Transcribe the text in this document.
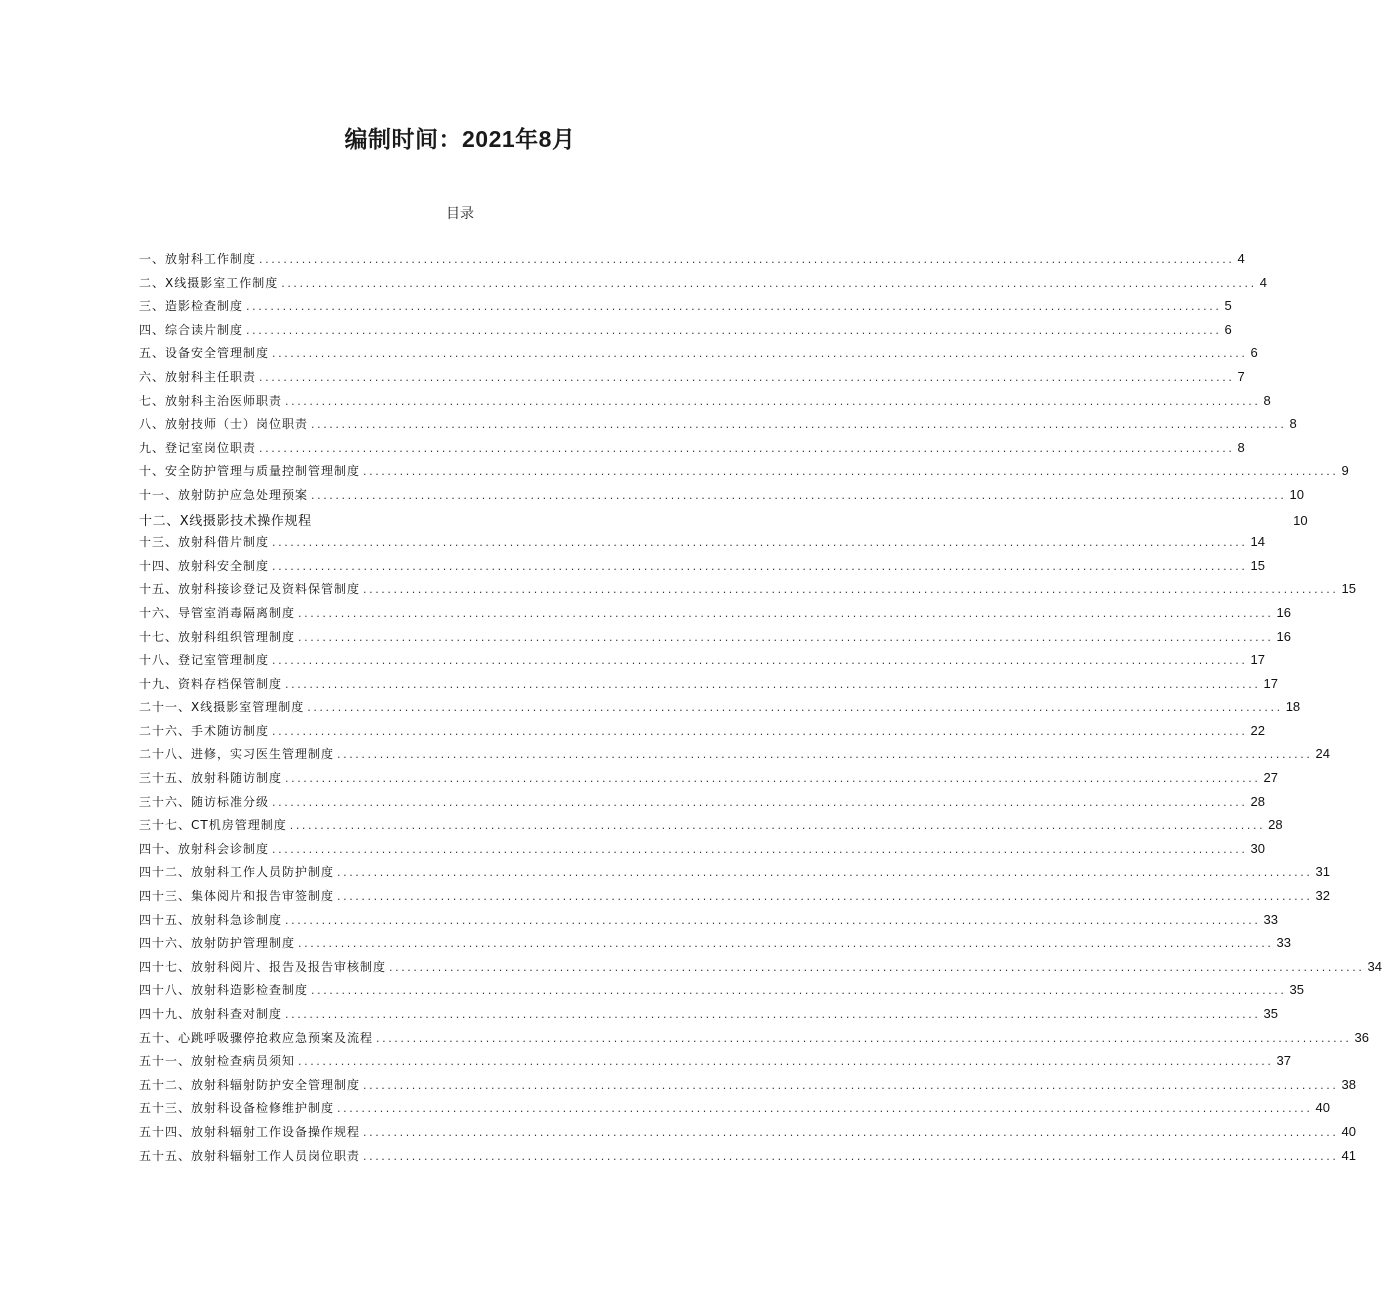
编制时间：2021年8月
目录
一、放射科工作制度 ................................................................................................................................................................ 4
二、X线摄影室工作制度 ................................................................................................................................................................ 4
三、造影检查制度 ................................................................................................................................................................ 5
四、综合读片制度 ................................................................................................................................................................ 6
五、设备安全管理制度 ................................................................................................................................................................ 6
六、放射科主任职责 ................................................................................................................................................................ 7
七、放射科主治医师职责 ................................................................................................................................................................ 8
八、放射技师（士）岗位职责 ................................................................................................................................................................ 8
九、登记室岗位职责 ................................................................................................................................................................ 8
十、安全防护管理与质量控制管理制度 ................................................................................................................................................................ 9
十一、放射防护应急处理预案 ................................................................................................................................................................ 10
十二、X线摄影技术操作规程	10
十三、放射科借片制度 ................................................................................................................................................................ 14
十四、放射科安全制度 ................................................................................................................................................................ 15
十五、放射科接诊登记及资料保管制度 ................................................................................................................................................................ 15
十六、导管室消毒隔离制度 ................................................................................................................................................................ 16
十七、放射科组织管理制度 ................................................................................................................................................................ 16
十八、登记室管理制度 ................................................................................................................................................................ 17
十九、资料存档保管制度 ................................................................................................................................................................ 17
二十一、X线摄影室管理制度 ................................................................................................................................................................ 18
二十六、手术随访制度 ................................................................................................................................................................ 22
二十八、进修，实习医生管理制度 ................................................................................................................................................................ 24
三十五、放射科随访制度 ................................................................................................................................................................ 27
三十六、随访标准分级 ................................................................................................................................................................ 28
三十七、CT机房管理制度 ................................................................................................................................................................ 28
四十、放射科会诊制度 ................................................................................................................................................................ 30
四十二、放射科工作人员防护制度 ................................................................................................................................................................ 31
四十三、集体阅片和报告审签制度 ................................................................................................................................................................ 32
四十五、放射科急诊制度 ................................................................................................................................................................ 33
四十六、放射防护管理制度 ................................................................................................................................................................ 33
四十七、放射科阅片、报告及报告审核制度 ................................................................................................................................................................ 34
四十八、放射科造影检查制度 ................................................................................................................................................................ 35
四十九、放射科查对制度 ................................................................................................................................................................ 35
五十、心跳呼吸骤停抢救应急预案及流程 ................................................................................................................................................................ 36
五十一、放射检查病员须知 ................................................................................................................................................................ 37
五十二、放射科辐射防护安全管理制度 ................................................................................................................................................................ 38
五十三、放射科设备检修维护制度 ................................................................................................................................................................ 40
五十四、放射科辐射工作设备操作规程 ................................................................................................................................................................ 40
五十五、放射科辐射工作人员岗位职责 ................................................................................................................................................................ 41
